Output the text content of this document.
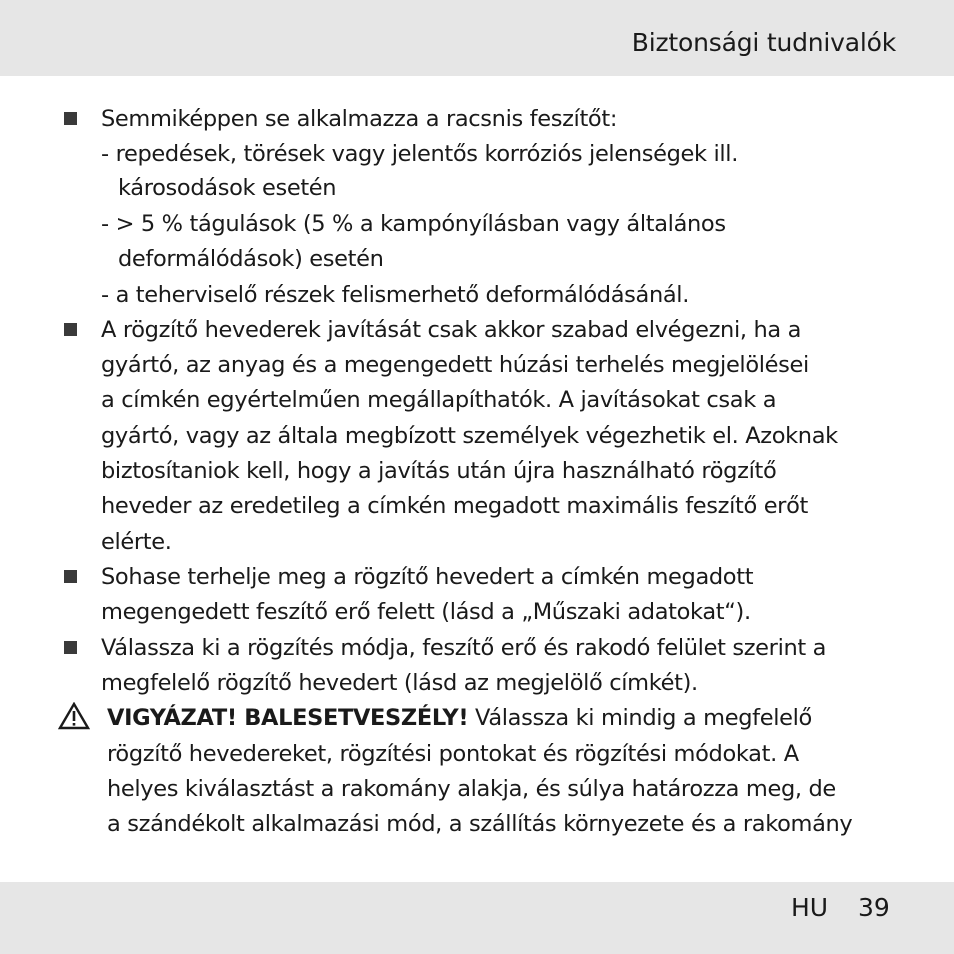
Biztonsági tudnivalók
Semmiképpen se alkalmazza a racsnis feszítőt:
- repedések, törések vagy jelentős korróziós jelenségek ill.
károsodások esetén
- > 5 % tágulások (5 % a kampónyílásban vagy általános
deformálódások) esetén
- a teherviselő részek felismerhető deformálódásánál.
A rögzítő hevederek javítását csak akkor szabad elvégezni, ha a
gyártó, az anyag és a megengedett húzási terhelés megjelölései
a címkén egyértelműen megállapíthatók. A javításokat csak a
gyártó, vagy az általa megbízott személyek végezhetik el. Azoknak
biztosítaniok kell, hogy a javítás után újra használható rögzítő
heveder az eredetileg a címkén megadott maximális feszítő erőt
elérte.
Sohase terhelje meg a rögzítő hevedert a címkén megadott
megengedett feszítő erő felett (lásd a „Műszaki adatokat“).
Válassza ki a rögzítés módja, feszítő erő és rakodó felület szerint a
megfelelő rögzítő hevedert (lásd az megjelölő címkét).
VIGYÁZAT! BALESETVESZÉLY! Válassza ki mindig a megfelelő
rögzítő hevedereket, rögzítési pontokat és rögzítési módokat. A
helyes kiválasztást a rakomány alakja, és súlya határozza meg, de
a szándékolt alkalmazási mód, a szállítás környezete és a rakomány
HU 39
